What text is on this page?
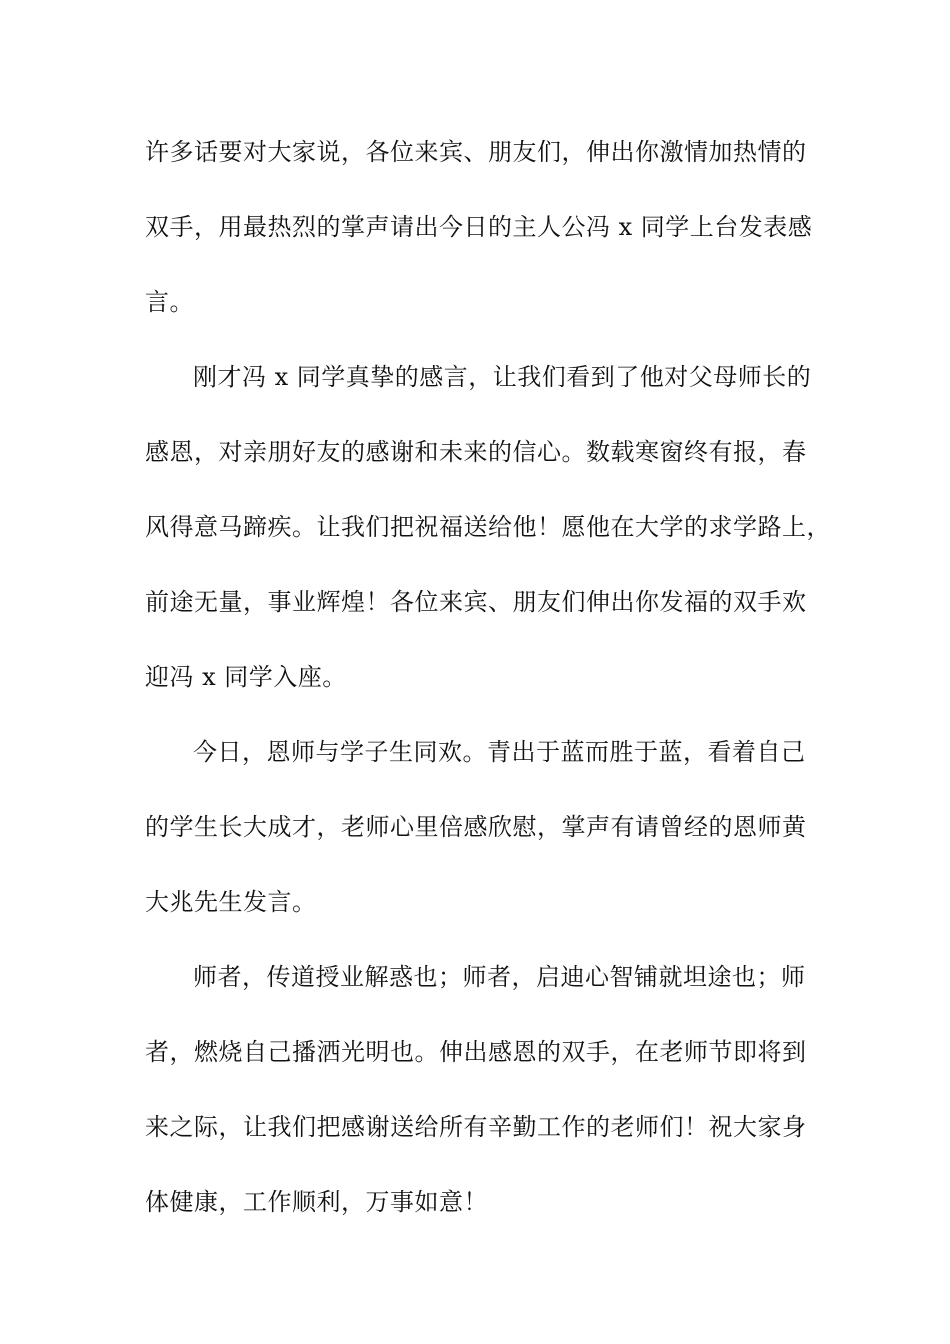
许多话要对大家说，各位来宾、朋友们，伸出你激情加热情的
双手，用最热烈的掌声请出今日的主人公冯 x 同学上台发表感
言。
刚才冯 x 同学真挚的感言，让我们看到了他对父母师长的
感恩，对亲朋好友的感谢和未来的信心。数载寒窗终有报，春
风得意马蹄疾。让我们把祝福送给他！愿他在大学的求学路上，
前途无量，事业辉煌！各位来宾、朋友们伸出你发福的双手欢
迎冯 x 同学入座。
今日，恩师与学子生同欢。青出于蓝而胜于蓝，看着自己
的学生长大成才，老师心里倍感欣慰，掌声有请曾经的恩师黄
大兆先生发言。
师者，传道授业解惑也；师者，启迪心智铺就坦途也；师
者，燃烧自己播洒光明也。伸出感恩的双手，在老师节即将到
来之际，让我们把感谢送给所有辛勤工作的老师们！祝大家身
体健康，工作顺利，万事如意！
